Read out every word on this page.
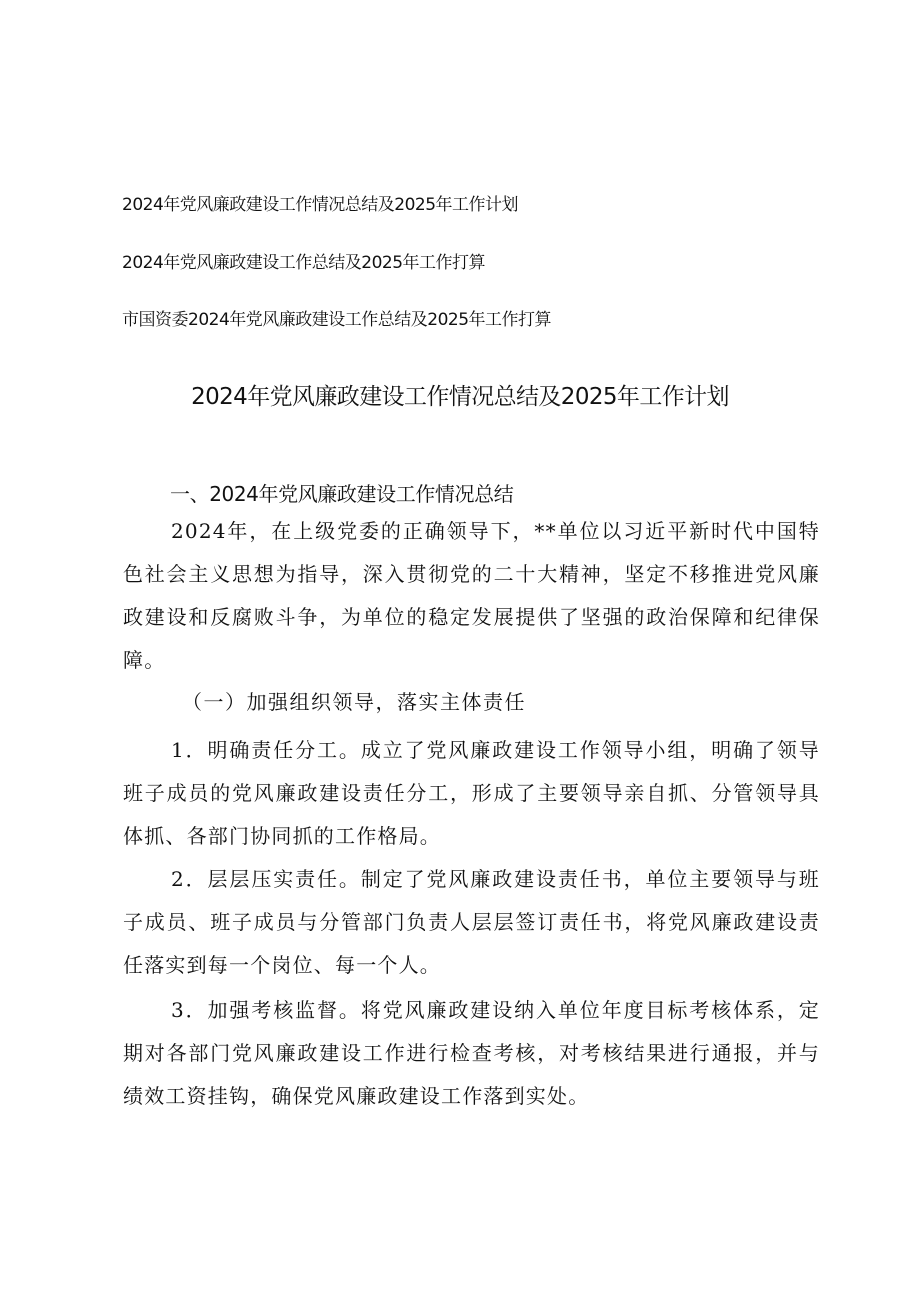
2024年党风廉政建设工作情况总结及2025年工作计划
2024年党风廉政建设工作总结及2025年工作打算
市国资委2024年党风廉政建设工作总结及2025年工作打算
2024年党风廉政建设工作情况总结及2025年工作计划
一、2024年党风廉政建设工作情况总结
2024年，在上级党委的正确领导下，**单位以习近平新时代中国特色社会主义思想为指导，深入贯彻党的二十大精神，坚定不移推进党风廉政建设和反腐败斗争，为单位的稳定发展提供了坚强的政治保障和纪律保障。
（一）加强组织领导，落实主体责任
1．明确责任分工。成立了党风廉政建设工作领导小组，明确了领导班子成员的党风廉政建设责任分工，形成了主要领导亲自抓、分管领导具体抓、各部门协同抓的工作格局。
2．层层压实责任。制定了党风廉政建设责任书，单位主要领导与班子成员、班子成员与分管部门负责人层层签订责任书，将党风廉政建设责任落实到每一个岗位、每一个人。
3．加强考核监督。将党风廉政建设纳入单位年度目标考核体系，定期对各部门党风廉政建设工作进行检查考核，对考核结果进行通报，并与绩效工资挂钩，确保党风廉政建设工作落到实处。
